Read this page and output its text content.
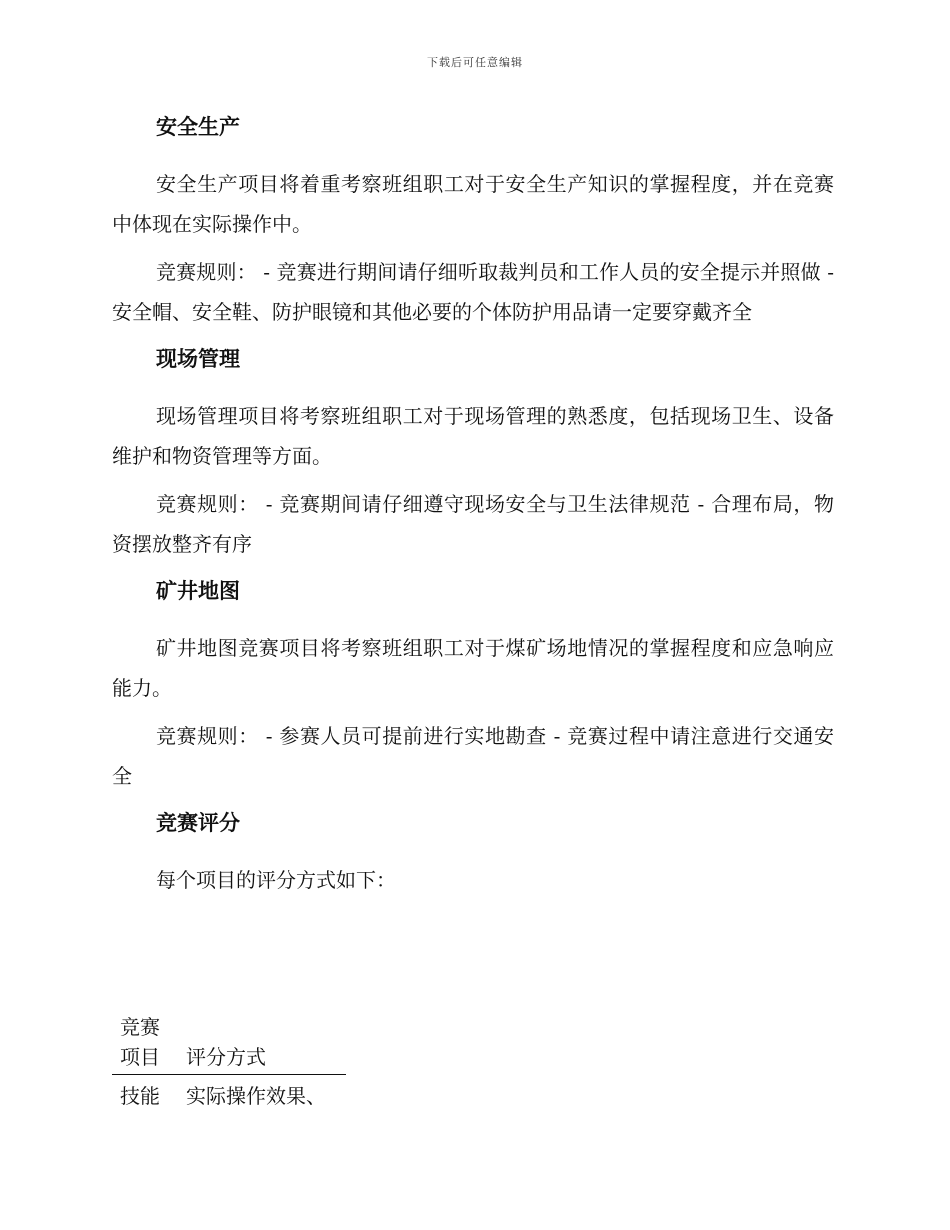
下载后可任意编辑
安全生产

安全生产项目将着重考察班组职工对于安全生产知识的掌握程度，并在竞赛中体现在实际操作中。

竞赛规则： - 竞赛进行期间请仔细听取裁判员和工作人员的安全提示并照做 - 安全帽、安全鞋、防护眼镜和其他必要的个体防护用品请一定要穿戴齐全

现场管理

现场管理项目将考察班组职工对于现场管理的熟悉度，包括现场卫生、设备维护和物资管理等方面。

竞赛规则： - 竞赛期间请仔细遵守现场安全与卫生法律规范 - 合理布局，物资摆放整齐有序

矿井地图

矿井地图竞赛项目将考察班组职工对于煤矿场地情况的掌握程度和应急响应能力。

竞赛规则： - 参赛人员可提前进行实地勘查 - 竞赛过程中请注意进行交通安全

竞赛评分

每个项目的评分方式如下：

竞赛项目	评分方式
技能	实际操作效果、
